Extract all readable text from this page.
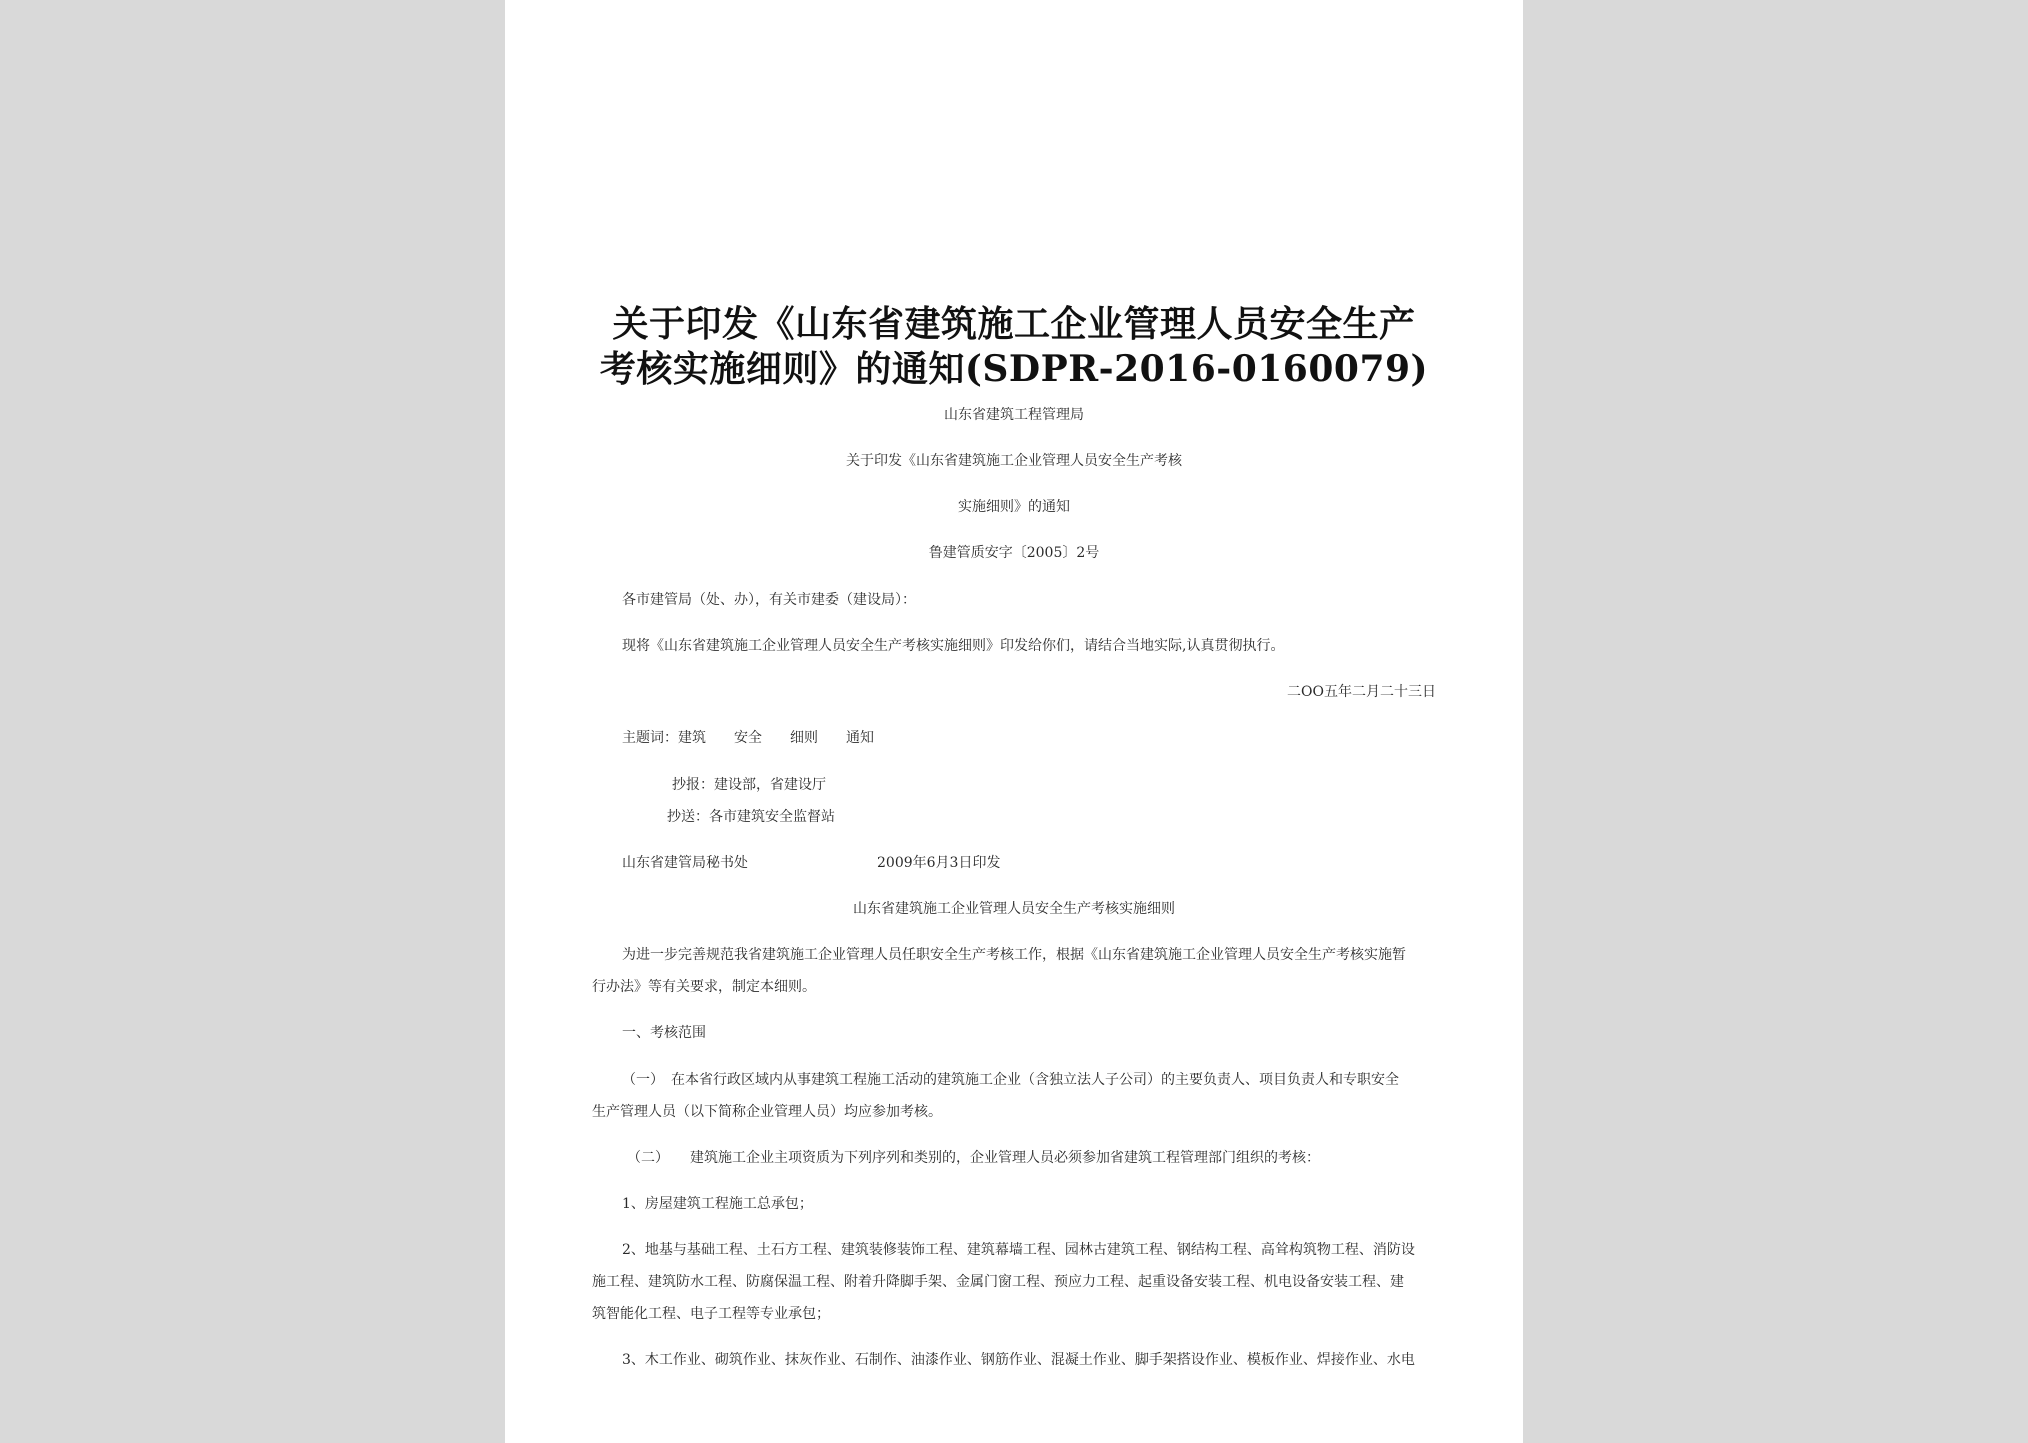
关于印发《山东省建筑施工企业管理人员安全生产
考核实施细则》的通知(SDPR-2016-0160079)

山东省建筑工程管理局

关于印发《山东省建筑施工企业管理人员安全生产考核

实施细则》的通知

鲁建管质安字〔2005〕2号

各市建管局（处、办），有关市建委（建设局）：

现将《山东省建筑施工企业管理人员安全生产考核实施细则》印发给你们，请结合当地实际,认真贯彻执行。

二OO五年二月二十三日

主题词：建筑　　安全　　细则　　通知

抄报：建设部，省建设厅

抄送：各市建筑安全监督站

山东省建管局秘书处	2009年6月3日印发

山东省建筑施工企业管理人员安全生产考核实施细则

为进一步完善规范我省建筑施工企业管理人员任职安全生产考核工作，根据《山东省建筑施工企业管理人员安全生产考核实施暂

行办法》等有关要求，制定本细则。

一、考核范围

（一）　在本省行政区域内从事建筑工程施工活动的建筑施工企业（含独立法人子公司）的主要负责人、项目负责人和专职安全

生产管理人员（以下简称企业管理人员）均应参加考核。

（二）　　建筑施工企业主项资质为下列序列和类别的，企业管理人员必须参加省建筑工程管理部门组织的考核：

1、房屋建筑工程施工总承包；

2、地基与基础工程、土石方工程、建筑装修装饰工程、建筑幕墙工程、园林古建筑工程、钢结构工程、高耸构筑物工程、消防设

施工程、建筑防水工程、防腐保温工程、附着升降脚手架、金属门窗工程、预应力工程、起重设备安装工程、机电设备安装工程、建

筑智能化工程、电子工程等专业承包；

3、木工作业、砌筑作业、抹灰作业、石制作、油漆作业、钢筋作业、混凝土作业、脚手架搭设作业、模板作业、焊接作业、水电
